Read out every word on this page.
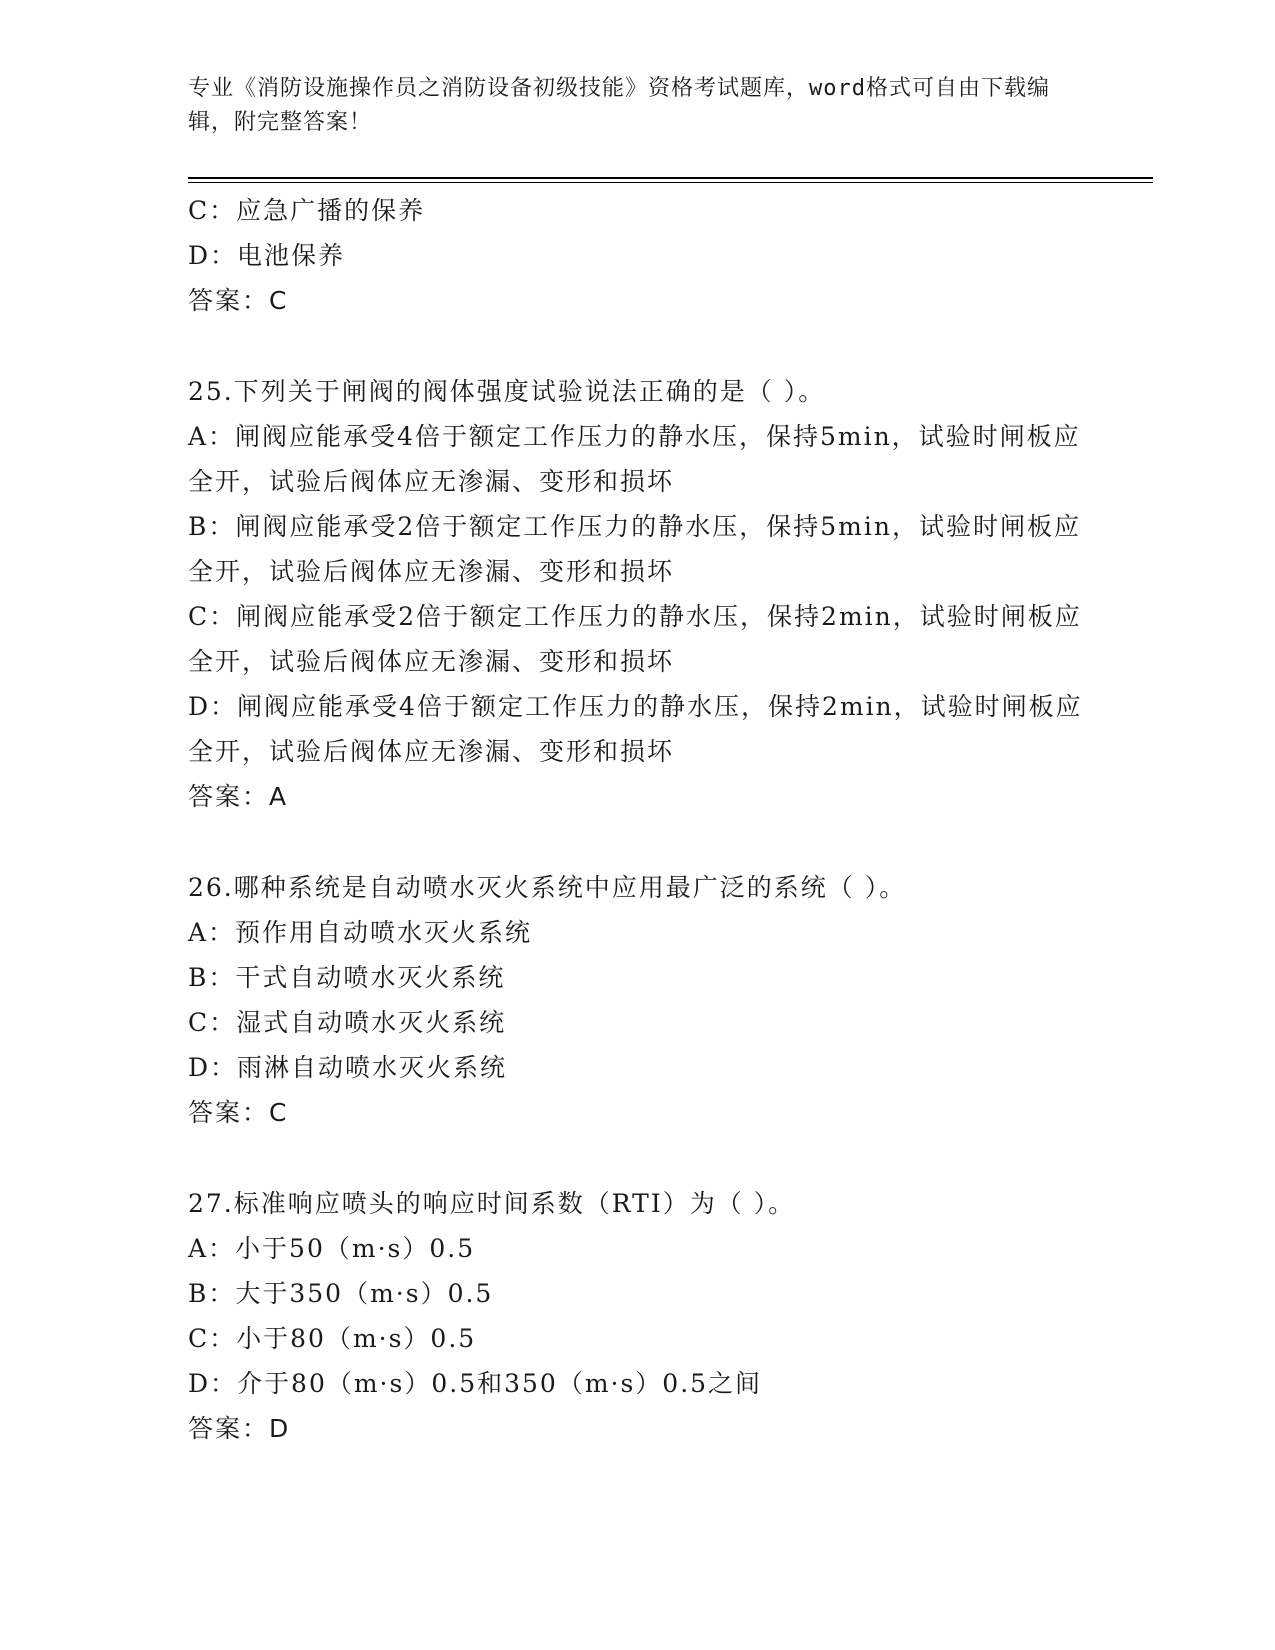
专业《消防设施操作员之消防设备初级技能》资格考试题库，word格式可自由下载编辑，附完整答案！
C：应急广播的保养
D：电池保养
答案：C
25.下列关于闸阀的阀体强度试验说法正确的是（ ）。
A：闸阀应能承受4倍于额定工作压力的静水压，保持5min，试验时闸板应全开，试验后阀体应无渗漏、变形和损坏
B：闸阀应能承受2倍于额定工作压力的静水压，保持5min，试验时闸板应全开，试验后阀体应无渗漏、变形和损坏
C：闸阀应能承受2倍于额定工作压力的静水压，保持2min，试验时闸板应全开，试验后阀体应无渗漏、变形和损坏
D：闸阀应能承受4倍于额定工作压力的静水压，保持2min，试验时闸板应全开，试验后阀体应无渗漏、变形和损坏
答案：A
26.哪种系统是自动喷水灭火系统中应用最广泛的系统（ ）。
A：预作用自动喷水灭火系统
B：干式自动喷水灭火系统
C：湿式自动喷水灭火系统
D：雨淋自动喷水灭火系统
答案：C
27.标准响应喷头的响应时间系数（RTI）为（ ）。
A：小于50（m·s）0.5
B：大于350（m·s）0.5
C：小于80（m·s）0.5
D：介于80（m·s）0.5和350（m·s）0.5之间
答案：D
